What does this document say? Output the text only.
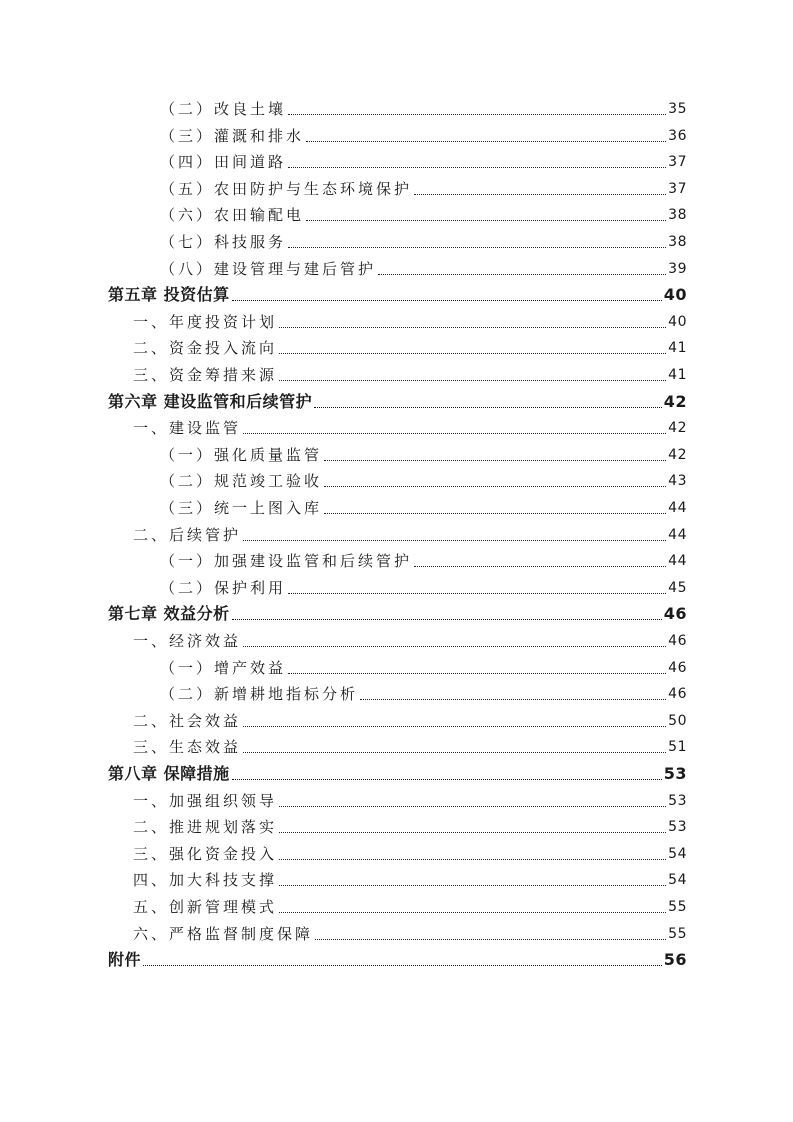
（二）改良土壤	35
（三）灌溉和排水	36
（四）田间道路	37
（五）农田防护与生态环境保护	37
（六）农田输配电	38
（七）科技服务	38
（八）建设管理与建后管护	39
第五章 投资估算	40
一、年度投资计划	40
二、资金投入流向	41
三、资金筹措来源	41
第六章 建设监管和后续管护	42
一、建设监管	42
（一）强化质量监管	42
（二）规范竣工验收	43
（三）统一上图入库	44
二、后续管护	44
（一）加强建设监管和后续管护	44
（二）保护利用	45
第七章 效益分析	46
一、经济效益	46
（一）增产效益	46
（二）新增耕地指标分析	46
二、社会效益	50
三、生态效益	51
第八章 保障措施	53
一、加强组织领导	53
二、推进规划落实	53
三、强化资金投入	54
四、加大科技支撑	54
五、创新管理模式	55
六、严格监督制度保障	55
附件	56
